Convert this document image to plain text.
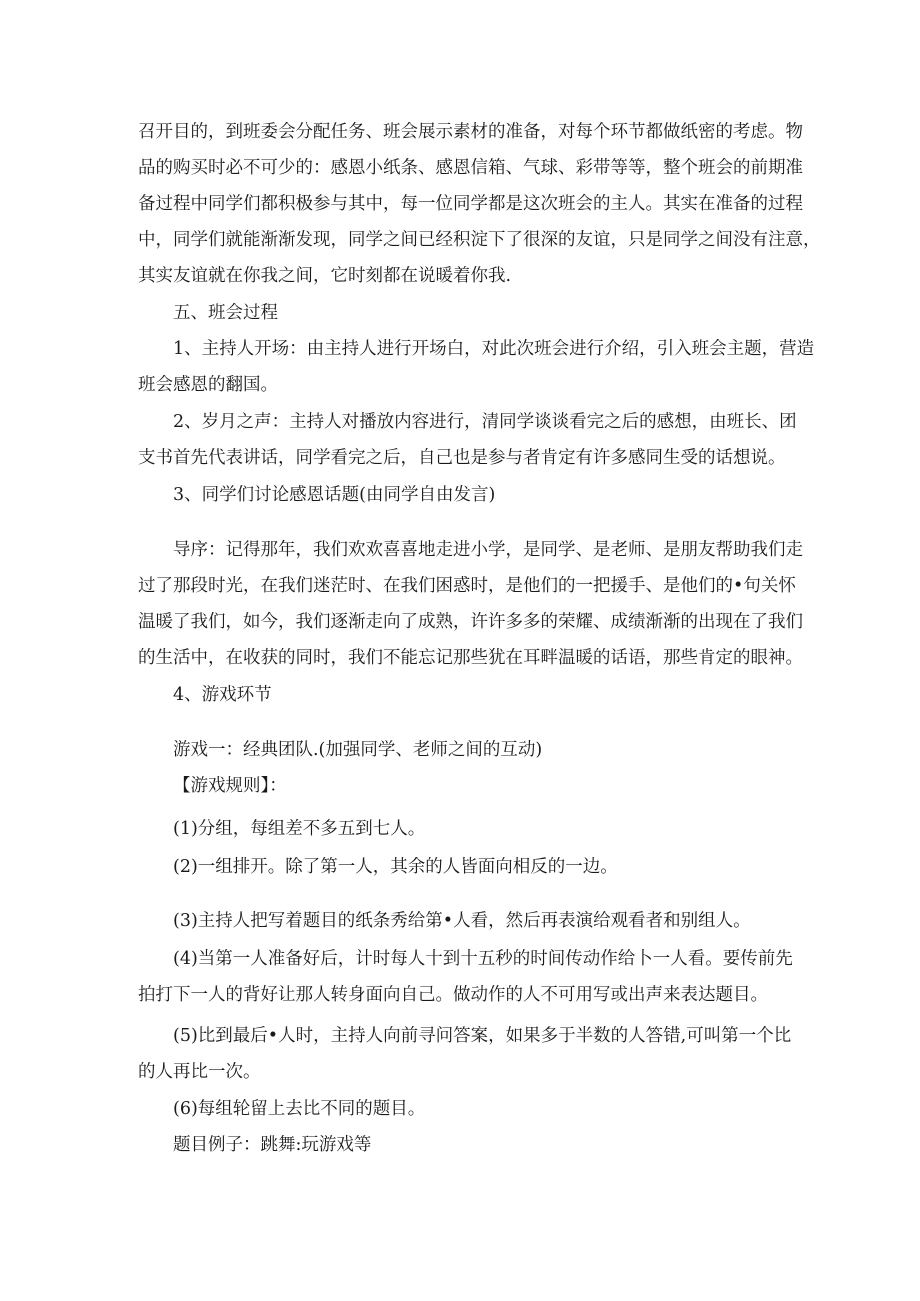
召 开 目 的 ， 到 班 委 会 分 配 任 务 、 班 会 展 示 素 材 的 准 备 ， 对 每 个 环 节 都 做 纸 密 的 考 虑 。 物
品 的 购 买 时 必 不 可 少 的 ： 感 恩 小 纸 条 、 感 恩 信 箱 、 气 球 、 彩 带 等 等 ， 整 个 班 会 的 前 期 准
备 过 程 中 同 学 们 都 积 极 参 与 其 中 ， 每 一 位 同 学 都 是 这 次 班 会 的 主 人 。 其 实 在 准 备 的 过 程
中 ， 同 学 们 就 能 渐 渐 发 现 ， 同 学 之 间 已 经 积 淀 下 了 很 深 的 友 谊 ， 只 是 同 学 之 间 没 有 注 意 ，

其实友谊就在你我之间，它时刻都在说暖着你我.

五、班会过程

1 、 主 持 人 开 场 ： 由 主 持 人 进 行 开 场 白 ， 对 此 次 班 会 进 行 介 绍 ， 引 入 班 会 主 题 ， 营 造

班会感恩的翻国。

2 、 岁 月 之 声 ： 主 持 人 对 播 放 内 容 进 行 ， 清 同 学 谈 谈 看 完 之 后 的 感 想 ， 由 班 长 、 团

支书首先代表讲话，同学看完之后，自己也是参与者肯定有许多感同生受的话想说。

3、同学们讨论感恩话题(由同学自由发言)

导 序 ： 记 得 那 年 ， 我 们 欢 欢 喜 喜 地 走 进 小 学 ， 是 同 学 、 是 老 师 、 是 朋 友 帮 助 我 们 走
过 了 那 段 时 光 ， 在 我 们 迷 茫 时 、 在 我 们 困 惑 时 ， 是 他 们 的 一 把 援 手 、 是 他 们 的 • 句 关 怀
温 暖 了 我 们 ， 如 今 ， 我 们 逐 渐 走 向 了 成 熟 ， 许 许 多 多 的 荣 耀 、 成 绩 渐 渐 的 出 现 在 了 我 们
的 生 活 中 ， 在 收 获 的 同 时 ， 我 们 不 能 忘 记 那 些 犹 在 耳 畔 温 暖 的 话 语 ， 那 些 肯 定 的 眼 神 。

4、游戏环节

游戏一：经典团队.(加强同学、老师之间的互动)

【游戏规则】：

(1)分组，每组差不多五到七人。

(2)一组排开。除了第一人，其余的人皆面向相反的一边。

(3)主持人把写着题目的纸条秀给第•人看，然后再表演给观看者和别组人。

( 4 ) 当 第 一 人 准 备 好 后 ， 计 时 每 人 十 到 十 五 秒 的 时 间 传 动 作 给 卜 一 人 看 。 要 传 前 先

拍打下一人的背好让那人转身面向自己。做动作的人不可用写或出声来表达题目。

( 5 ) 比 到 最 后 • 人 时 ， 主 持 人 向 前 寻 问 答 案 ， 如 果 多 于 半 数 的 人 答 错 , 可 叫 第 一 个 比

的人再比一次。

(6)每组轮留上去比不同的题目。

题目例子：跳舞:玩游戏等
